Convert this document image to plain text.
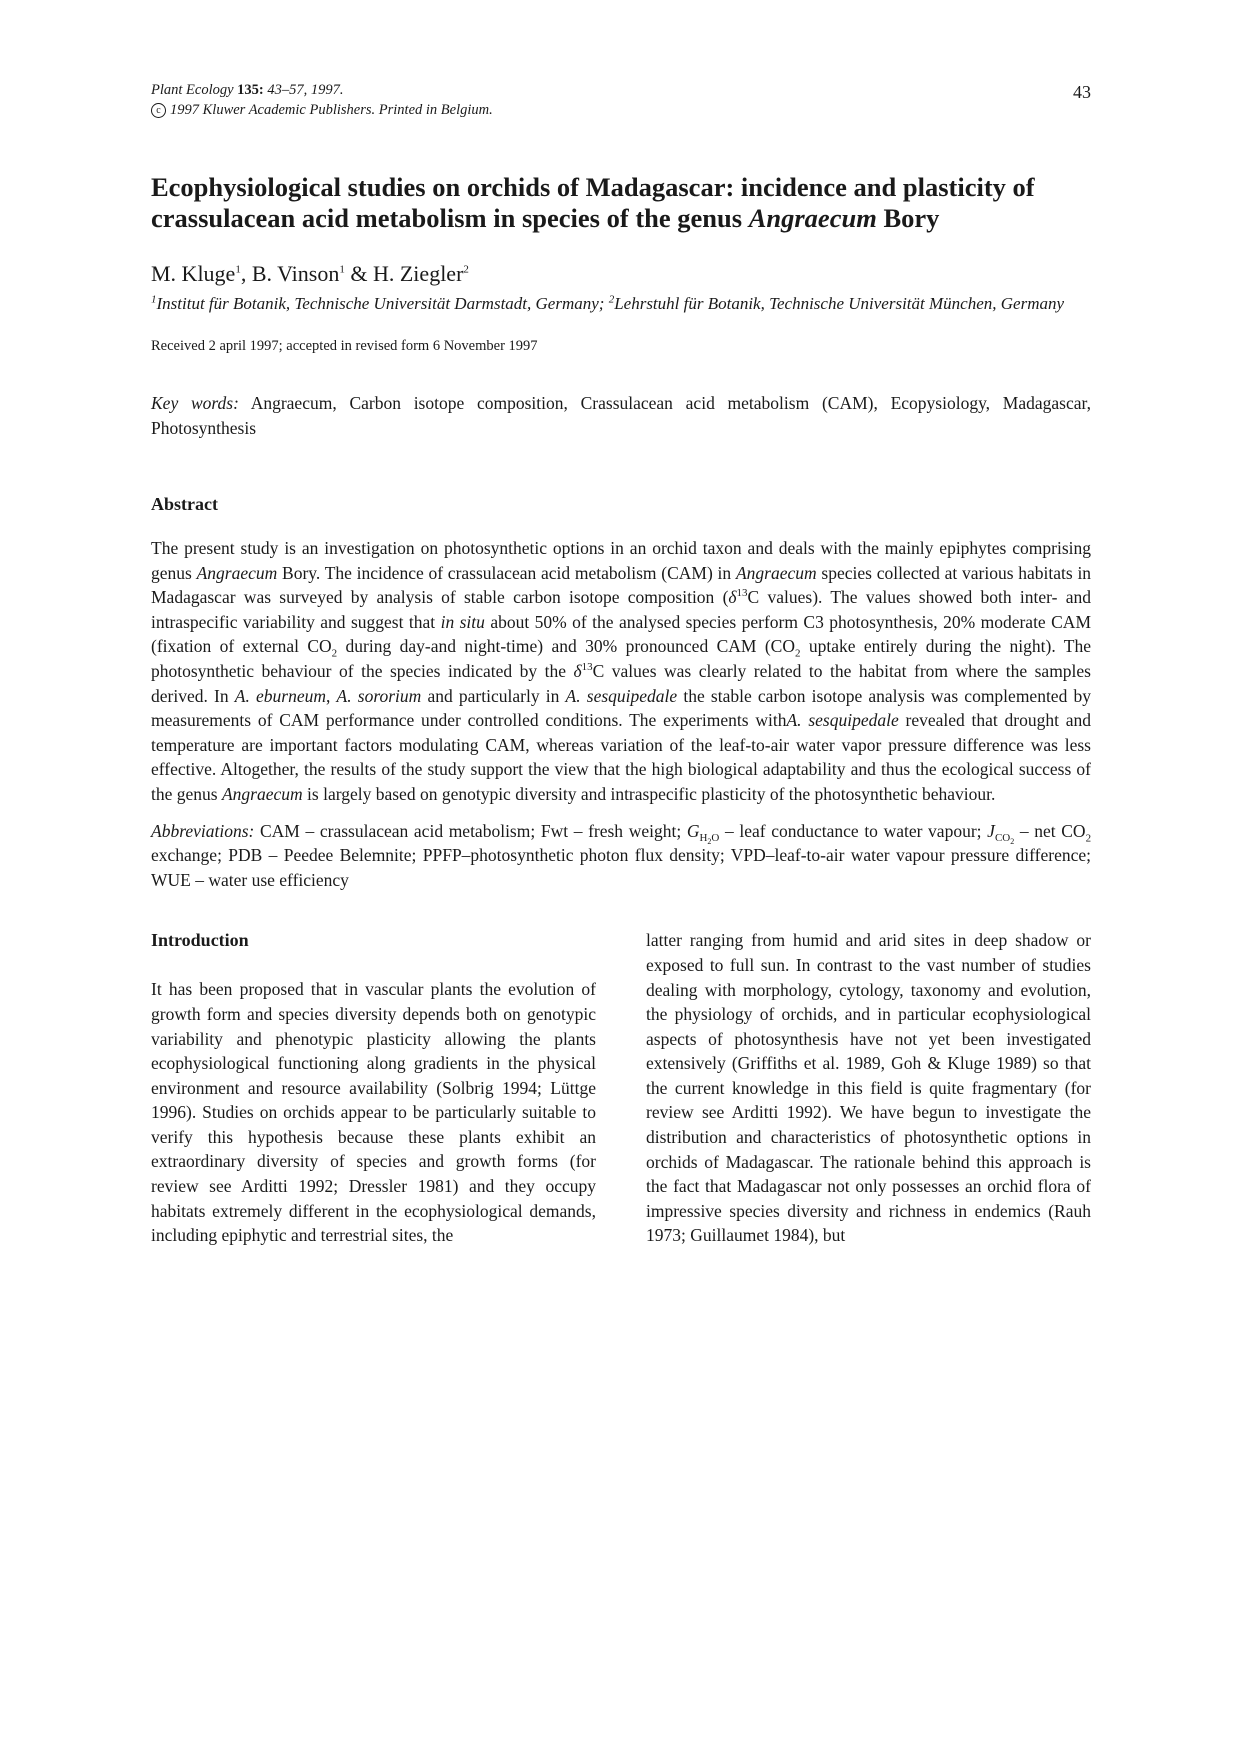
Plant Ecology 135: 43–57, 1997.
c 1997 Kluwer Academic Publishers. Printed in Belgium.
43
Ecophysiological studies on orchids of Madagascar: incidence and plasticity of crassulacean acid metabolism in species of the genus Angraecum Bory
M. Kluge$^1$, B. Vinson$^1$ & H. Ziegler$^2$
$^1$Institut für Botanik, Technische Universität Darmstadt, Germany; $^2$Lehrstuhl für Botanik, Technische Universität München, Germany
Received 2 april 1997; accepted in revised form 6 November 1997
Key words: Angraecum, Carbon isotope composition, Crassulacean acid metabolism (CAM), Ecopysiology, Madagascar, Photosynthesis
Abstract
The present study is an investigation on photosynthetic options in an orchid taxon and deals with the mainly epiphytes comprising genus Angraecum Bory. The incidence of crassulacean acid metabolism (CAM) in Angraecum species collected at various habitats in Madagascar was surveyed by analysis of stable carbon isotope composition ($\delta^{13}C$ values). The values showed both inter- and intraspecific variability and suggest that in situ about 50% of the analysed species perform C3 photosynthesis, 20% moderate CAM (fixation of external $CO_2$ during day-and night-time) and 30% pronounced CAM ($CO_2$ uptake entirely during the night). The photosynthetic behaviour of the species indicated by the $\delta^{13}C$ values was clearly related to the habitat from where the samples derived. In A. eburneum, A. sororium and particularly in A. sesquipedale the stable carbon isotope analysis was complemented by measurements of CAM performance under controlled conditions. The experiments withA. sesquipedale revealed that drought and temperature are important factors modulating CAM, whereas variation of the leaf-to-air water vapor pressure difference was less effective. Altogether, the results of the study support the view that the high biological adaptability and thus the ecological success of the genus Angraecum is largely based on genotypic diversity and intraspecific plasticity of the photosynthetic behaviour.
Abbreviations: CAM – crassulacean acid metabolism; Fwt – fresh weight; $G_{H_2O}$ – leaf conductance to water vapour; $J_{CO_2}$ – net $CO_2$ exchange; PDB – Peedee Belemnite; PPFP–photosynthetic photon flux density; VPD–leaf-to-air water vapour pressure difference; WUE – water use efficiency
Introduction
It has been proposed that in vascular plants the evolution of growth form and species diversity depends both on genotypic variability and phenotypic plasticity allowing the plants ecophysiological functioning along gradients in the physical environment and resource availability (Solbrig 1994; Lüttge 1996). Studies on orchids appear to be particularly suitable to verify this hypothesis because these plants exhibit an extraordinary diversity of species and growth forms (for review see Arditti 1992; Dressler 1981) and they occupy habitats extremely different in the ecophysiological demands, including epiphytic and terrestrial sites, the
latter ranging from humid and arid sites in deep shadow or exposed to full sun. In contrast to the vast number of studies dealing with morphology, cytology, taxonomy and evolution, the physiology of orchids, and in particular ecophysiological aspects of photosynthesis have not yet been investigated extensively (Griffiths et al. 1989, Goh & Kluge 1989) so that the current knowledge in this field is quite fragmentary (for review see Arditti 1992). We have begun to investigate the distribution and characteristics of photosynthetic options in orchids of Madagascar. The rationale behind this approach is the fact that Madagascar not only possesses an orchid flora of impressive species diversity and richness in endemics (Rauh 1973; Guillaumet 1984), but
